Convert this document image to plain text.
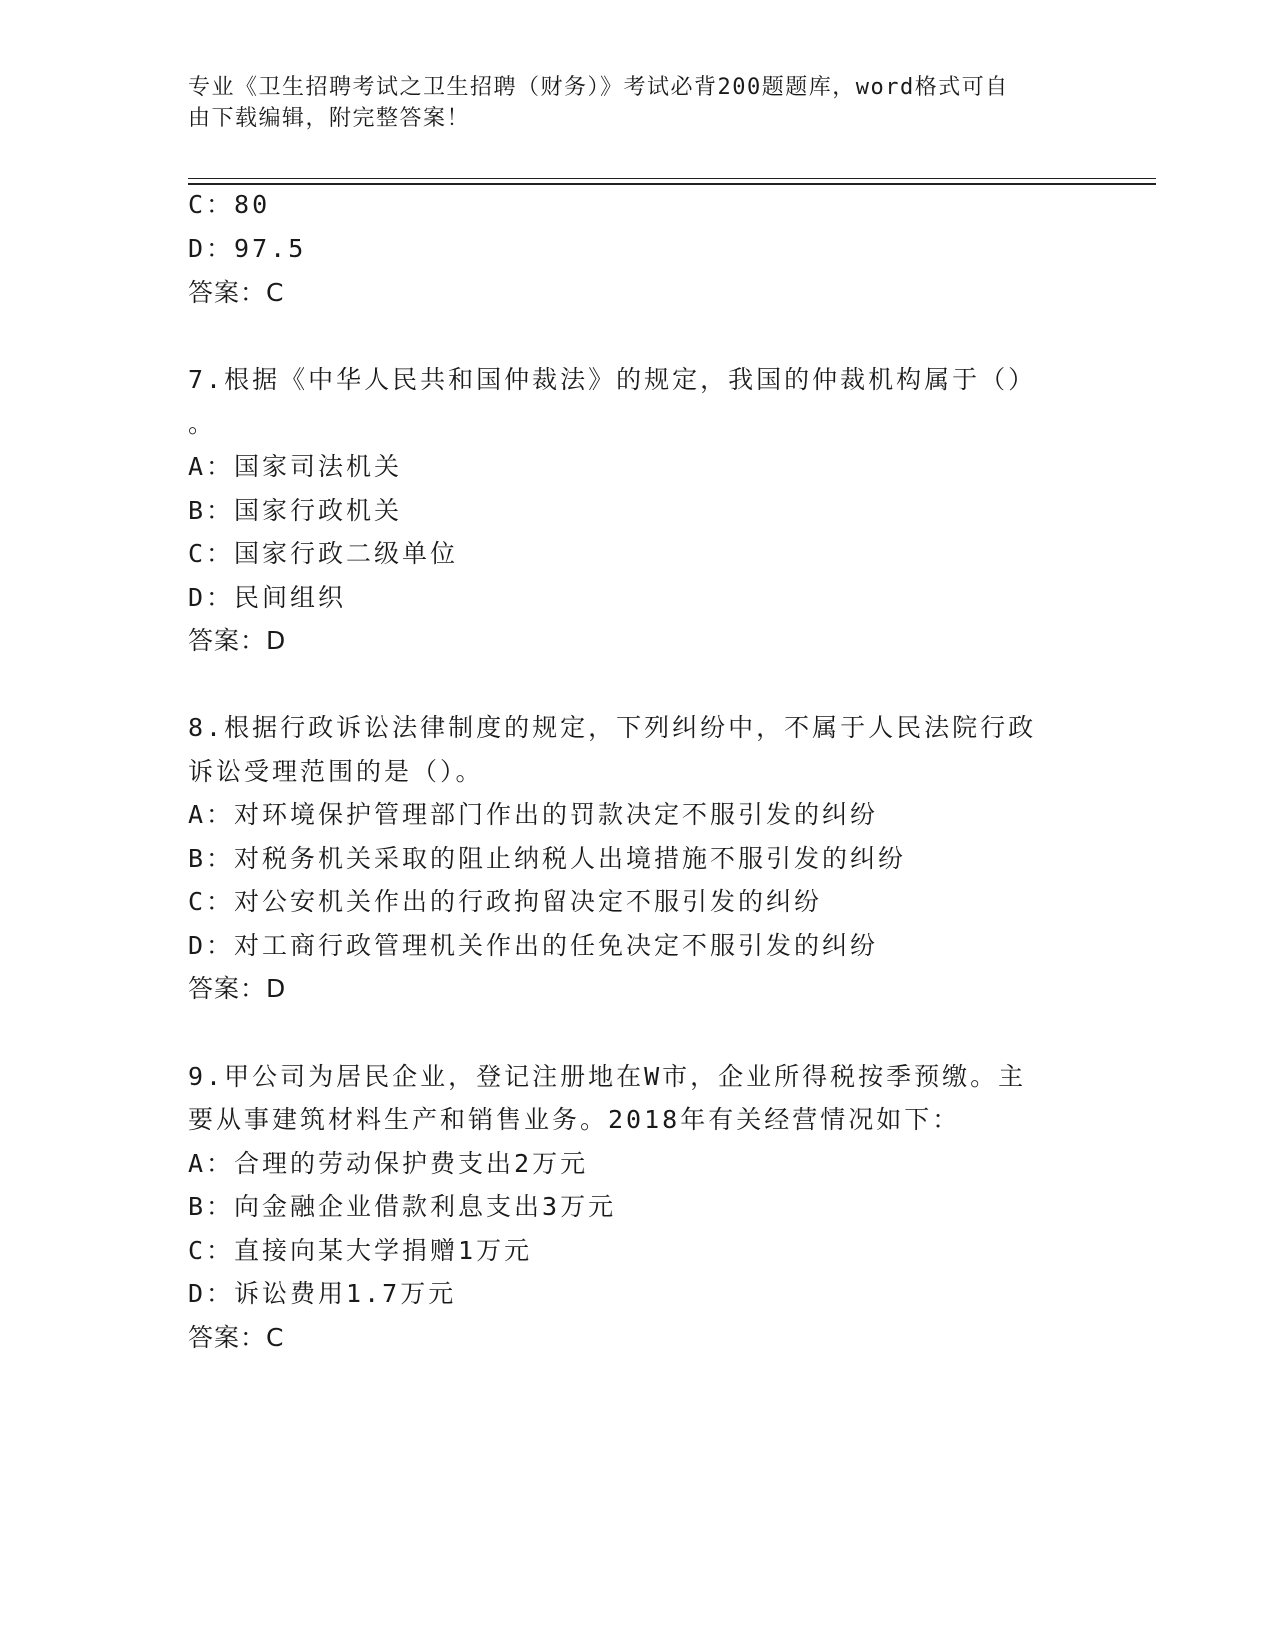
专业《卫生招聘考试之卫生招聘（财务）》考试必背200题题库，word格式可自
由下载编辑，附完整答案！
C：80
D：97.5
答案：C
7.根据《中华人民共和国仲裁法》的规定，我国的仲裁机构属于（）
。
A：国家司法机关
B：国家行政机关
C：国家行政二级单位
D：民间组织
答案：D
8.根据行政诉讼法律制度的规定，下列纠纷中，不属于人民法院行政
诉讼受理范围的是（）。
A：对环境保护管理部门作出的罚款决定不服引发的纠纷
B：对税务机关采取的阻止纳税人出境措施不服引发的纠纷
C：对公安机关作出的行政拘留决定不服引发的纠纷
D：对工商行政管理机关作出的任免决定不服引发的纠纷
答案：D
9.甲公司为居民企业，登记注册地在W市，企业所得税按季预缴。主
要从事建筑材料生产和销售业务。2018年有关经营情况如下：
A：合理的劳动保护费支出2万元
B：向金融企业借款利息支出3万元
C：直接向某大学捐赠1万元
D：诉讼费用1.7万元
答案：C
